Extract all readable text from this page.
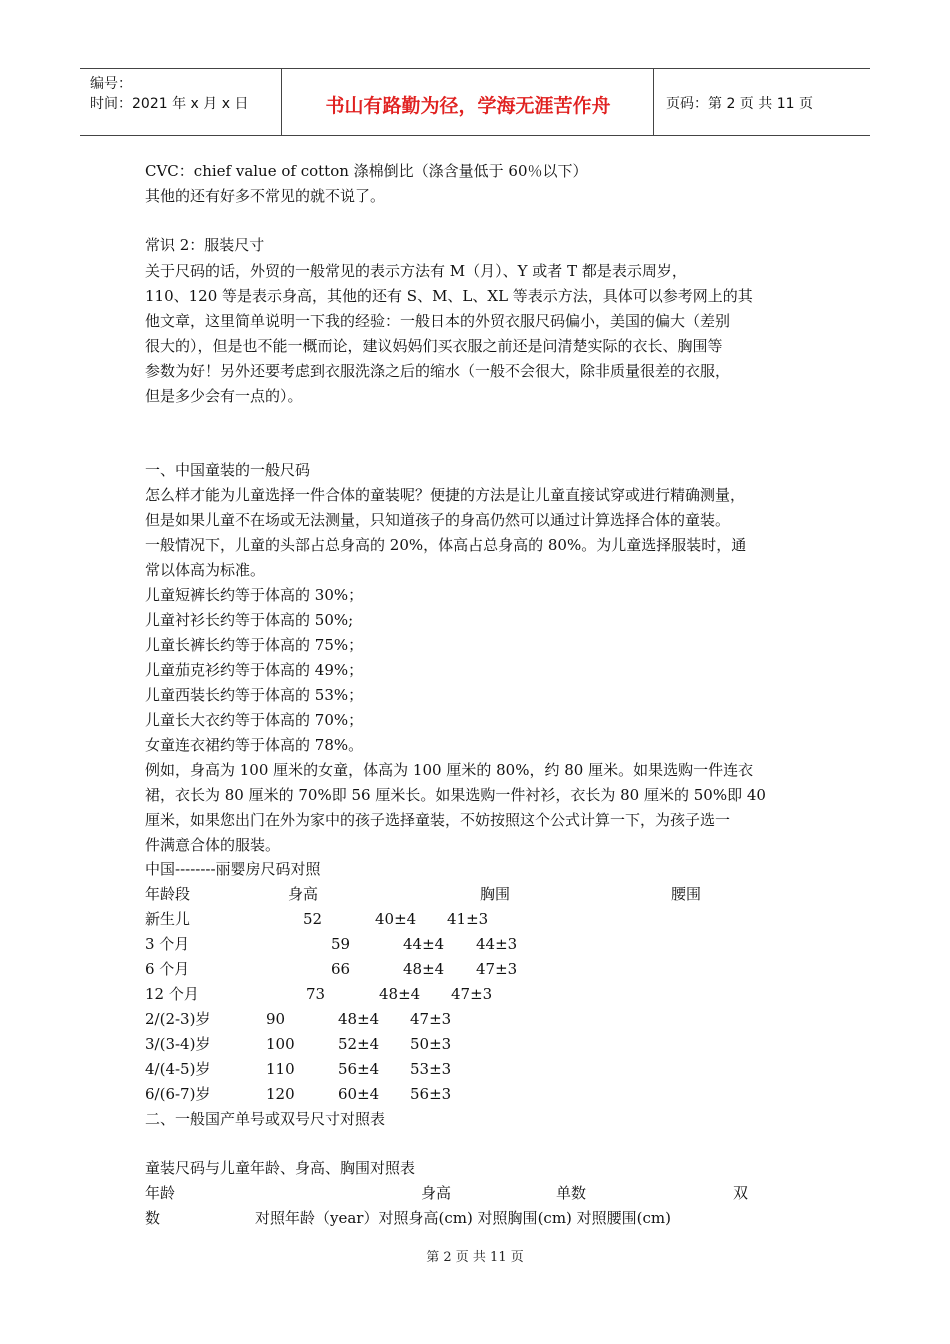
编号：
时间：2021 年 x 月 x 日	书山有路勤为径，学海无涯苦作舟	页码：第 2 页 共 11 页
CVC：chief value of cotton 涤棉倒比（涤含量低于 60％以下）
其他的还有好多不常见的就不说了。
常识 2：服装尺寸
关于尺码的话，外贸的一般常见的表示方法有 M（月）、Y 或者 T 都是表示周岁，
110、120 等是表示身高，其他的还有 S、M、L、XL 等表示方法，具体可以参考网上的其
他文章，这里简单说明一下我的经验：一般日本的外贸衣服尺码偏小，美国的偏大（差别
很大的），但是也不能一概而论，建议妈妈们买衣服之前还是问清楚实际的衣长、胸围等
参数为好！另外还要考虑到衣服洗涤之后的缩水（一般不会很大，除非质量很差的衣服，
但是多少会有一点的）。
一、中国童装的一般尺码
怎么样才能为儿童选择一件合体的童装呢？便捷的方法是让儿童直接试穿或进行精确测量，
但是如果儿童不在场或无法测量，只知道孩子的身高仍然可以通过计算选择合体的童装。
一般情况下，儿童的头部占总身高的 20%，体高占总身高的 80%。为儿童选择服装时，通
常以体高为标准。
儿童短裤长约等于体高的 30%；
儿童衬衫长约等于体高的 50%;
儿童长裤长约等于体高的 75%；
儿童茄克衫约等于体高的 49%；
儿童西装长约等于体高的 53%；
儿童长大衣约等于体高的 70%；
女童连衣裙约等于体高的 78%。
例如，身高为 100 厘米的女童，体高为 100 厘米的 80%，约 80 厘米。如果选购一件连衣
裙，衣长为 80 厘米的 70%即 56 厘米长。如果选购一件衬衫，衣长为 80 厘米的 50%即 40
厘米，如果您出门在外为家中的孩子选择童装，不妨按照这个公式计算一下，为孩子选一
件满意合体的服装。
中国--------丽婴房尺码对照
年龄段	身高	胸围	腰围
新生儿	52	40±4 41±3
3 个月	59	44±4 44±3
6 个月	66	48±4 47±3
12 个月	73	48±4 47±3
2/(2-3)岁	90	48±4 47±3
3/(3-4)岁	100	52±4 50±3
4/(4-5)岁	110	56±4 53±3
6/(6-7)岁	120	60±4 56±3
二、一般国产单号或双号尺寸对照表
童装尺码与儿童年龄、身高、胸围对照表
年龄	身高	单数	双
数	对照年龄（year）对照身高(cm) 对照胸围(cm) 对照腰围(cm)
第 2 页 共 11 页
